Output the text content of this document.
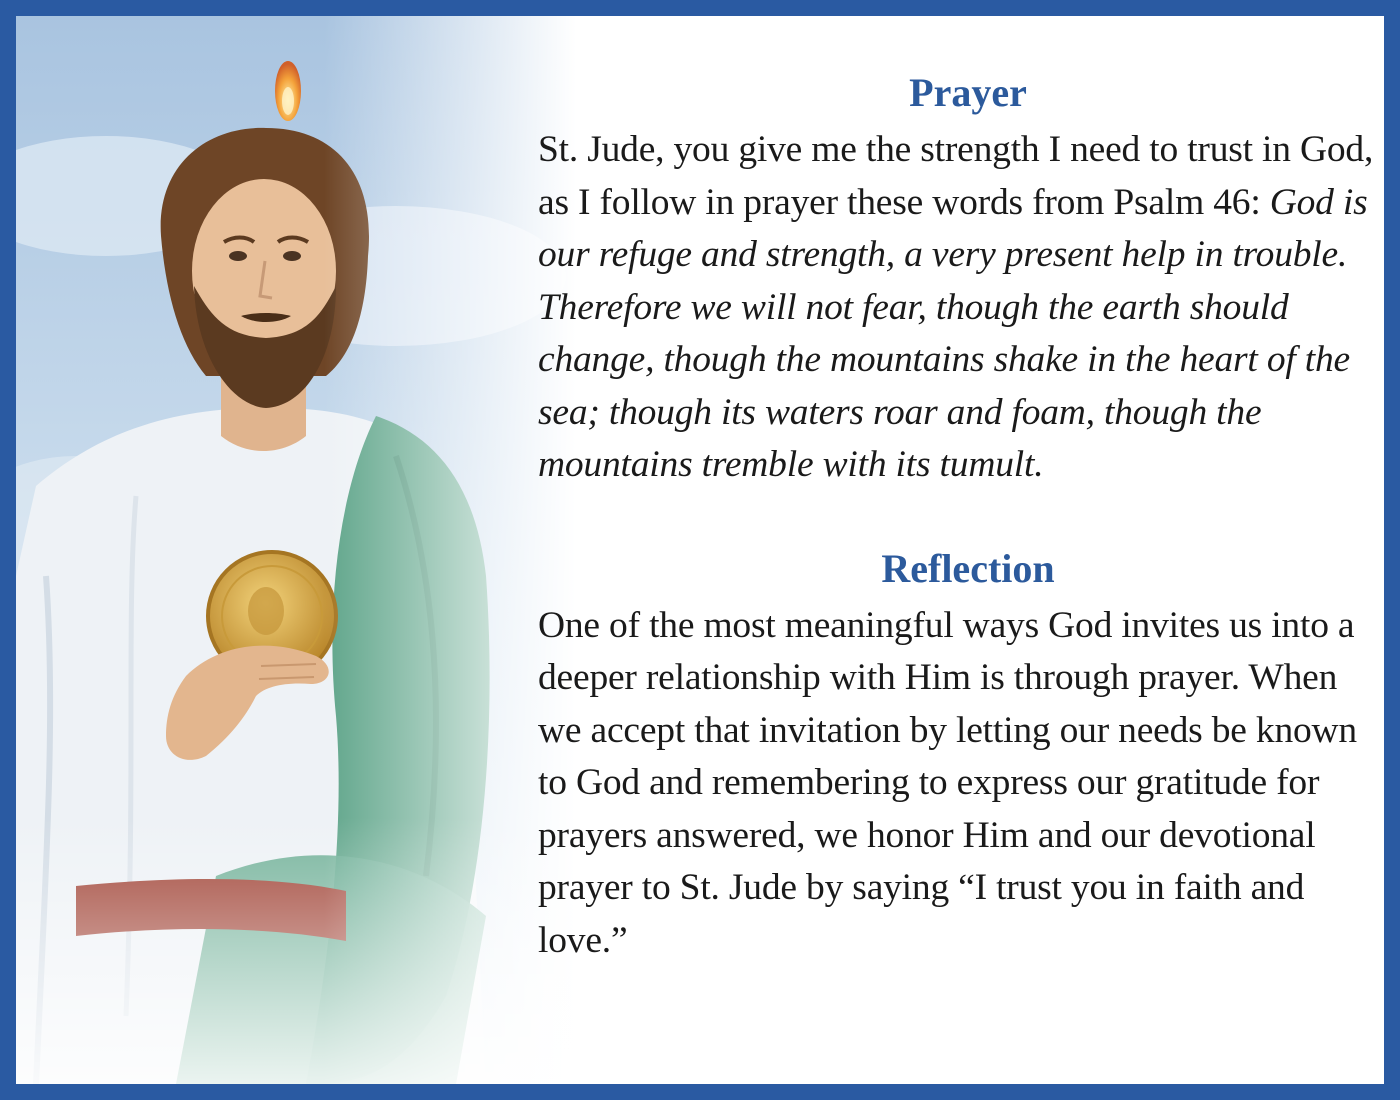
Prayer

St. Jude, you give me the strength I need to trust in God, as I follow in prayer these words from Psalm 46: God is our refuge and strength, a very present help in trouble. Therefore we will not fear, though the earth should change, though the mountains shake in the heart of the sea; though its waters roar and foam, though the mountains tremble with its tumult.

Reflection

One of the most meaningful ways God invites us into a deeper relationship with Him is through prayer. When we accept that invitation by letting our needs be known to God and remembering to express our gratitude for prayers answered, we honor Him and our devotional prayer to St. Jude by saying “I trust you in faith and love.”
